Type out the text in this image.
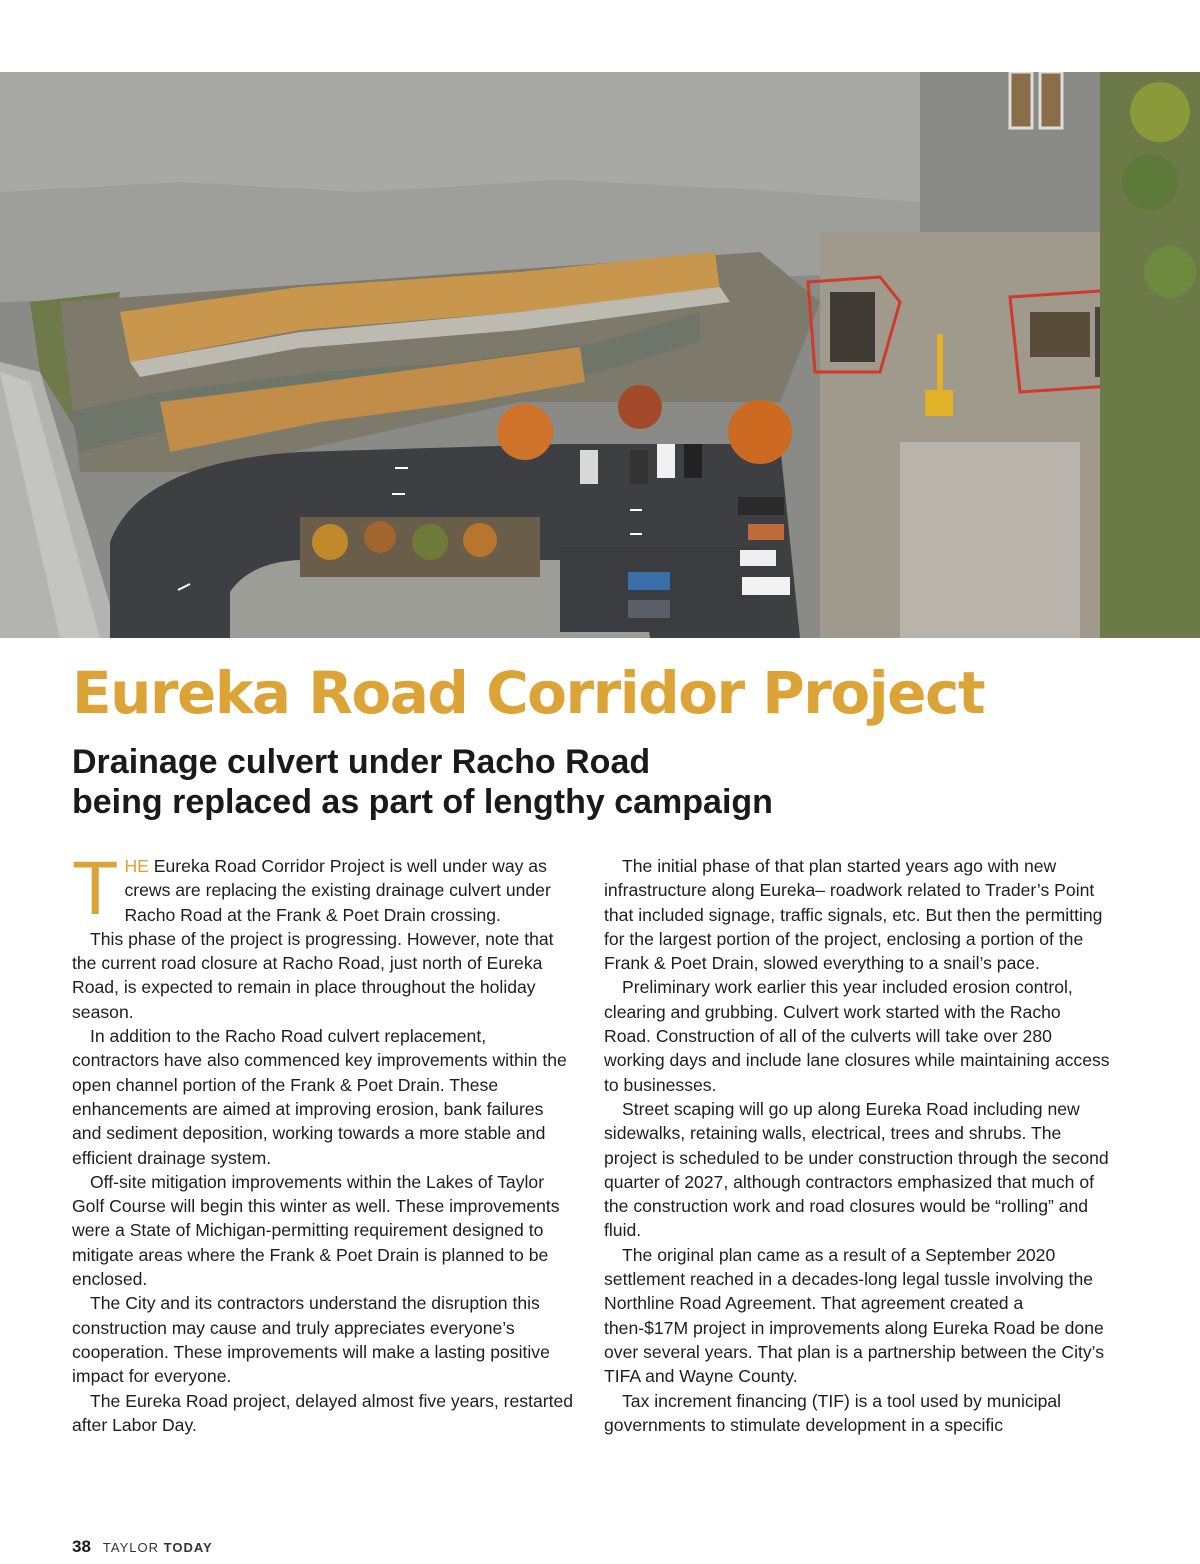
Eureka Road Corridor Project
Drainage culvert under Racho Road
being replaced as part of lengthy campaign

THE Eureka Road Corridor Project is well under way as crews are replacing the existing drainage culvert under Racho Road at the Frank & Poet Drain crossing.

This phase of the project is progressing. However, note that the current road closure at Racho Road, just north of Eureka Road, is expected to remain in place throughout the holiday season.

In addition to the Racho Road culvert replacement, contractors have also commenced key improvements within the open channel portion of the Frank & Poet Drain. These enhancements are aimed at improving erosion, bank failures and sediment deposition, working towards a more stable and efficient drainage system.

Off-site mitigation improvements within the Lakes of Taylor Golf Course will begin this winter as well. These improvements were a State of Michigan-permitting requirement designed to mitigate areas where the Frank & Poet Drain is planned to be enclosed.

The City and its contractors understand the disruption this construction may cause and truly appreciates everyone’s cooperation. These improvements will make a lasting positive impact for everyone.

The Eureka Road project, delayed almost five years, restarted after Labor Day.

The initial phase of that plan started years ago with new infrastructure along Eureka– roadwork related to Trader’s Point that included signage, traffic signals, etc. But then the permitting for the largest portion of the project, enclosing a portion of the Frank & Poet Drain, slowed everything to a snail’s pace.

Preliminary work earlier this year included erosion control, clearing and grubbing. Culvert work started with the Racho Road. Construction of all of the culverts will take over 280 working days and include lane closures while maintaining access to businesses.

Street scaping will go up along Eureka Road including new sidewalks, retaining walls, electrical, trees and shrubs. The project is scheduled to be under construction through the second quarter of 2027, although contractors emphasized that much of the construction work and road closures would be “rolling” and fluid.

The original plan came as a result of a September 2020 settlement reached in a decades-long legal tussle involving the Northline Road Agreement. That agreement created a then-$17M project in improvements along Eureka Road be done over several years. That plan is a partnership between the City’s TIFA and Wayne County.

Tax increment financing (TIF) is a tool used by municipal governments to stimulate development in a specific

38 TAYLOR TODAY
